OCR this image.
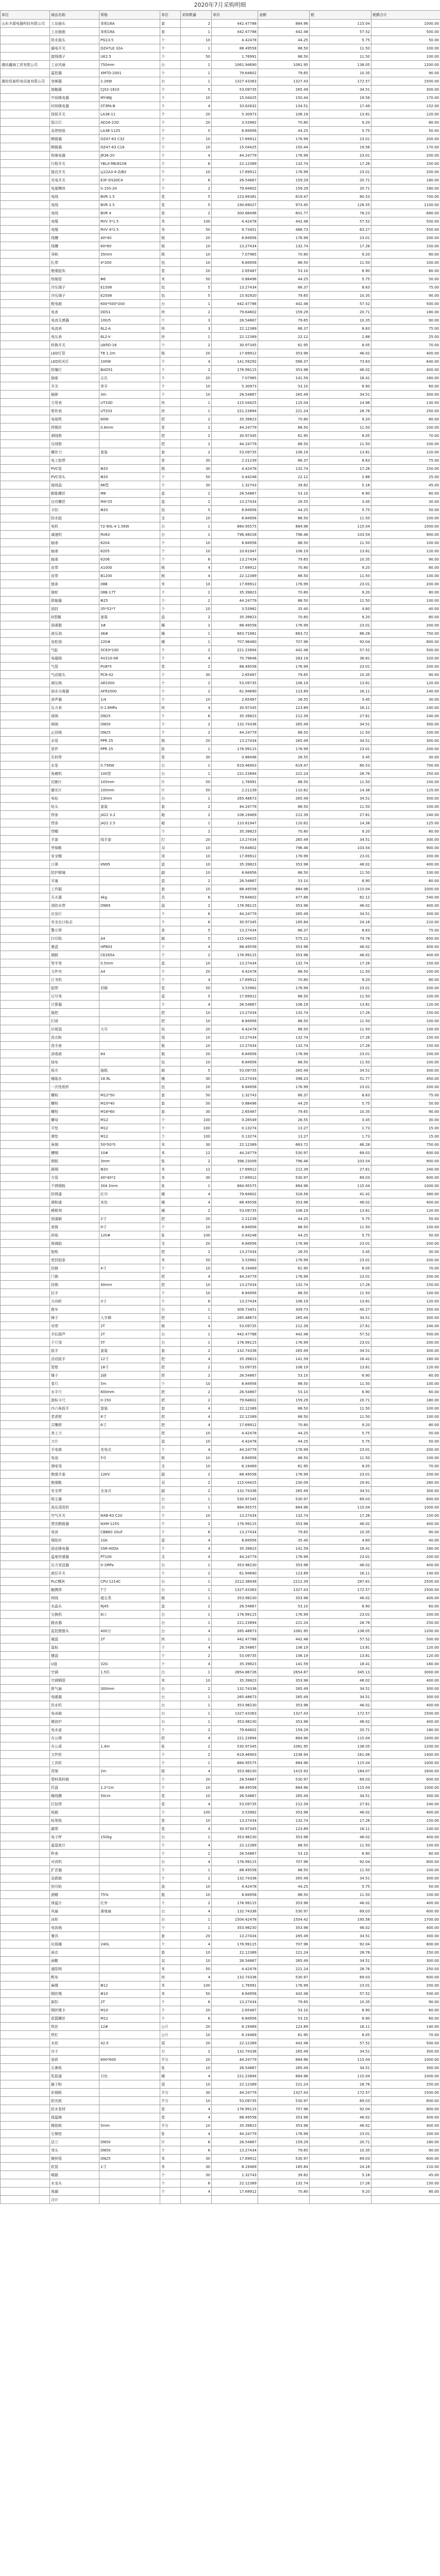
2020年7月采购明细
单位	商品名称	规格	单位	采购数量	单价	金额	税	税额合计
山东丰源电器科技有限公司	工业插头	单相16A	套	2	442.47788	884.96	115.04	1000.00
	工业插座	单相16A	套	1	442.47788	442.48	57.52	500.00
	防水接头	PG13.5	个	10	4.42478	44.25	5.75	50.00
	漏电开关	DZ47LE 32A	个	1	88.49558	88.50	11.50	100.00
	接线端子	UK2.5	个	50	1.76991	88.50	11.50	100.00
潍坊鑫海工贸有限公司	工业风扇	750mm	台	1	1061.94690	1061.95	138.05	1200.00
	温控器	XMTD-2001	个	1	79.64602	79.65	10.35	90.00
潍坊恒泰机电设备有限公司	变频器	2.2KW	台	1	1327.43363	1327.43	172.57	1500.00
	接触器	CJX2-1810	个	5	53.09735	265.49	34.51	300.00
	中间继电器	MY4NJ	个	10	15.04425	150.44	19.56	170.00
	时间继电器	ST3PA-B	个	4	33.62832	134.51	17.49	152.00
	按钮开关	LA38-11	个	20	5.30973	106.19	13.81	120.00
	指示灯	AD16-22D	个	20	3.53982	70.80	9.20	80.00
	急停按钮	LA38-11ZS	个	5	8.84956	44.25	5.75	50.00
	断路器	DZ47-63 C32	个	10	17.69912	176.99	23.01	200.00
	断路器	DZ47-63 C16	个	10	15.04425	150.44	19.56	170.00
	热继电器	JR36-20	个	4	44.24779	176.99	23.01	200.00
	行程开关	YBLX-ME/8108	个	6	22.12389	132.74	17.26	150.00
	接近开关	LJ12A3-4-Z/BX	个	10	17.69912	176.99	23.01	200.00
	光电开关	E3F-DS30C4	个	6	26.54867	159.29	20.71	180.00
	电源模块	S-150-24	个	2	79.64602	159.29	20.71	180.00
	电线	BVR 1.5	卷	5	123.89381	619.47	80.53	700.00
	电线	BVR 2.5	卷	5	194.69027	973.45	126.55	1100.00
	电线	BVR 4	卷	2	300.88496	601.77	78.23	680.00
	电缆	RVV 3*1.5	米	100	4.42478	442.48	57.52	500.00
	电缆	RVV 4*2.5	米	50	9.73451	486.73	63.27	550.00
	线槽	40*40	根	20	8.84956	176.99	23.01	200.00
	线槽	60*60	根	10	13.27434	132.74	17.26	150.00
	导轨	35mm	根	10	7.07965	70.80	9.20	80.00
	扎带	4*200	包	10	8.84956	88.50	11.50	100.00
	绝缘胶布		卷	20	2.65487	53.10	6.90	60.00
	热缩管	Φ6	米	50	0.88496	44.25	5.75	50.00
	冷压端子	E1508	包	5	13.27434	66.37	8.63	75.00
	冷压端子	E2508	包	5	15.92920	79.65	10.35	90.00
	配电箱	600*500*200	台	1	442.47788	442.48	57.52	500.00
	电表	DDS1	块	2	79.64602	159.29	20.71	180.00
	电流互感器	100/5	个	3	26.54867	79.65	10.35	90.00
	电流表	6L2-A	块	3	22.12389	66.37	8.63	75.00
	电压表	6L2-V	块	1	22.12389	22.12	2.88	25.00
	转换开关	LW5D-16	个	2	30.97345	61.95	8.05	70.00
	LED灯管	T8 1.2m	根	20	17.69912	353.98	46.02	400.00
	LED投光灯	100W	个	4	141.59292	566.37	73.63	640.00
	防爆灯	BAD51	个	2	176.99115	353.98	46.02	400.00
	插座	五孔	个	20	7.07965	141.59	18.41	160.00
	开关	单开	个	10	5.30973	53.10	6.90	60.00
	插排	3m	个	10	26.54867	265.49	34.51	300.00
	万用表	UT33D	块	1	115.04425	115.04	14.96	130.00
	钳形表	UT203	块	1	221.23894	221.24	28.76	250.00
	电烙铁	60W	把	2	35.39823	70.80	9.20	80.00
	焊锡丝	0.8mm	卷	2	44.24779	88.50	11.50	100.00
	剥线钳		把	2	30.97345	61.95	8.05	70.00
	压线钳		把	2	44.24779	88.50	11.50	100.00
	螺丝刀	套装	套	2	53.09735	106.19	13.81	120.00
	电工胶带		卷	30	2.21239	66.37	8.63	75.00
	PVC管	Φ20	根	30	4.42478	132.74	17.26	150.00
	PVC弯头	Φ20	个	50	0.44248	22.12	2.88	25.00
	接线盒	86型	个	30	1.32743	39.82	5.18	45.00
	膨胀螺丝	M8	盒	2	26.54867	53.10	6.90	60.00
	自攻螺丝	M4*25	盒	2	13.27434	26.55	3.45	30.00
	卡扣	Φ20	包	5	8.84956	44.25	5.75	50.00
	防水胶		支	10	8.84956	88.50	11.50	100.00
	电机	Y2-90L-4 1.5KW	台	1	884.95575	884.96	115.04	1000.00
	减速机	RV63	台	1	796.46018	796.46	103.54	900.00
	轴承	6204	个	10	8.84956	88.50	11.50	100.00
	轴承	6205	个	10	10.61947	106.19	13.81	120.00
	轴承	6206	个	6	13.27434	79.65	10.35	90.00
	皮带	A1000	根	4	17.69912	70.80	9.20	80.00
	皮带	B1200	根	4	22.12389	88.50	11.50	100.00
	链条	08B	米	10	17.69912	176.99	23.01	200.00
	链轮	08B-17T	个	2	35.39823	70.80	9.20	80.00
	联轴器	Φ25	个	2	44.24779	88.50	11.50	100.00
	油封	35*52*7	个	10	3.53982	35.40	4.60	40.00
	O型圈	套装	盒	2	35.39823	70.80	9.20	80.00
	润滑脂	3#	桶	2	88.49558	176.99	23.01	200.00
	液压油	46#	桶	1	663.71681	663.72	86.28	750.00
	齿轮油	220#	桶	1	707.96460	707.96	92.04	800.00
	气缸	SC63*100	个	2	221.23894	442.48	57.52	500.00
	电磁阀	4V210-08	个	4	70.79646	283.19	36.81	320.00
	气管	PU8*5	卷	2	88.49558	176.99	23.01	200.00
	气动接头	PC8-02	个	30	2.65487	79.65	10.35	90.00
	调压阀	AR2000	个	2	53.09735	106.19	13.81	120.00
	油水分离器	AFR2000	个	2	61.94690	123.89	16.11	140.00
	消声器	1/4	个	10	2.65487	26.55	3.45	30.00
	压力表	0-1.6MPa	块	4	30.97345	123.89	16.11	140.00
	球阀	DN25	个	6	35.39823	212.39	27.61	240.00
	闸阀	DN50	个	2	132.74336	265.49	34.51	300.00
	止回阀	DN25	个	2	44.24779	88.50	11.50	100.00
	水管	PPR 25	根	20	13.27434	265.49	34.51	300.00
	管件	PPR 25	批	1	176.99115	176.99	23.01	200.00
	生料带		卷	30	0.88496	26.55	3.45	30.00
	水泵	0.75KW	台	1	619.46903	619.47	80.53	700.00
	角磨机	100型	台	1	221.23894	221.24	28.76	250.00
	切割片	105mm	片	50	1.76991	88.50	11.50	100.00
	磨光片	100mm	片	50	2.21239	110.62	14.38	125.00
	电钻	13mm	台	1	265.48673	265.49	34.51	300.00
	钻头	套装	套	2	44.24779	88.50	11.50	100.00
	焊条	J422 3.2	箱	2	106.19469	212.39	27.61	240.00
	焊条	J422 2.5	箱	1	110.61947	110.62	14.38	125.00
	焊帽		个	2	35.39823	70.80	9.20	80.00
	手套	线手套	打	20	13.27434	265.49	34.51	300.00
	劳保鞋		双	10	79.64602	796.46	103.54	900.00
	安全帽		顶	10	17.69912	176.99	23.01	200.00
	口罩	KN95	盒	10	35.39823	353.98	46.02	400.00
	防护眼镜		副	10	8.84956	88.50	11.50	100.00
	耳塞		盒	2	26.54867	53.10	6.90	60.00
	工作服		套	10	88.49558	884.96	115.04	1000.00
	灭火器	4kg	具	6	79.64602	477.88	62.12	540.00
	消防水带	DN65	盘	2	176.99115	353.98	46.02	400.00
	应急灯		个	6	44.24779	265.49	34.51	300.00
	安全出口标志		个	6	30.97345	185.84	24.16	210.00
	警示带		卷	5	13.27434	66.37	8.63	75.00
	打印纸	A4	箱	5	115.04425	575.22	74.78	650.00
	墨盒	HP803	个	4	88.49558	353.98	46.02	400.00
	硒鼓	CE285A	个	2	176.99115	353.98	46.02	400.00
	签字笔	0.5mm	盒	10	13.27434	132.74	17.26	150.00
	文件夹	A4	个	20	4.42478	88.50	11.50	100.00
	订书机		个	4	17.69912	70.80	9.20	80.00
	胶带	封箱	卷	50	3.53982	176.99	23.01	200.00
	记号笔		盒	5	17.69912	88.50	11.50	100.00
	计算器		个	4	26.54867	106.19	13.81	120.00
	拖把		把	10	13.27434	132.74	17.26	150.00
	扫帚		把	10	8.84956	88.50	11.50	100.00
	垃圾袋	大号	包	20	4.42478	88.50	11.50	100.00
	洗衣粉		袋	10	13.27434	132.74	17.26	150.00
	洗手液		瓶	10	13.27434	132.74	17.26	150.00
	消毒液	84	瓶	20	8.84956	176.99	23.01	200.00
	抹布		包	10	8.84956	88.50	11.50	100.00
	纸巾	抽纸	箱	5	53.09735	265.49	34.51	300.00
	桶装水	18.9L	桶	30	13.27434	398.23	51.77	450.00
	一次性纸杯		包	20	8.84956	176.99	23.01	200.00
	螺栓	M12*50	套	50	1.32743	66.37	8.63	75.00
	螺栓	M10*40	套	50	0.88496	44.25	5.75	50.00
	螺栓	M16*60	套	30	2.65487	79.65	10.35	90.00
	螺母	M12	个	100	0.26549	26.55	3.45	30.00
	平垫	M12	个	100	0.13274	13.27	1.73	15.00
	弹垫	M12	个	100	0.13274	13.27	1.73	15.00
	角钢	50*50*5	米	30	22.12389	663.72	86.28	750.00
	槽钢	10#	米	12	44.24779	530.97	69.03	600.00
	钢板	3mm	张	2	398.23009	796.46	103.54	900.00
	圆钢	Φ20	米	12	17.69912	212.39	27.61	240.00
	方管	40*40*2	米	30	17.69912	530.97	69.03	600.00
	不锈钢板	304 2mm	张	1	884.95575	884.96	115.04	1000.00
	防锈漆	红丹	桶	4	79.64602	318.58	41.42	360.00
	调和漆	灰色	桶	4	88.49558	353.98	46.02	400.00
	稀释剂		桶	2	53.09735	106.19	13.81	120.00
	油漆刷	2寸	把	20	2.21239	44.25	5.75	50.00
	滚筒	9寸	个	10	8.84956	88.50	11.50	100.00
	砂纸	120#	张	100	0.44248	44.25	5.75	50.00
	玻璃胶		支	20	8.84956	176.99	23.01	200.00
	胶枪		把	2	13.27434	26.55	3.45	30.00
	密封胶条		米	50	3.53982	176.99	23.01	200.00
	铰链	4寸	个	10	6.19469	61.95	8.05	70.00
	门锁		把	4	44.24779	176.99	23.01	200.00
	挂锁	40mm	把	10	13.27434	132.74	17.26	150.00
	拉手		个	10	8.84956	88.50	11.50	100.00
	万向轮	3寸	个	8	13.27434	106.19	13.81	120.00
	推车		台	1	309.73451	309.73	40.27	350.00
	梯子	人字梯	把	1	265.48673	265.49	34.51	300.00
	吊带	2T	根	4	53.09735	212.39	27.61	240.00
	手拉葫芦	2T	台	1	442.47788	442.48	57.52	500.00
	千斤顶	5T	台	1	176.99115	176.99	23.01	200.00
	扳手	套装	套	2	132.74336	265.49	34.51	300.00
	活动扳手	12寸	把	4	35.39823	141.59	18.41	160.00
	管钳	18寸	把	2	53.09735	106.19	13.81	120.00
	锤子	2磅	把	2	26.54867	53.10	6.90	60.00
	卷尺	5m	个	10	8.84956	88.50	11.50	100.00
	水平尺	600mm	把	2	26.54867	53.10	6.90	60.00
	游标卡尺	0-150	把	2	79.64602	159.29	20.71	180.00
	内六角扳手	套装	套	4	22.12389	88.50	11.50	100.00
	老虎钳	8寸	把	4	22.12389	88.50	11.50	100.00
	尖嘴钳	6寸	把	4	17.69912	70.80	9.20	80.00
	美工刀		把	10	4.42478	44.25	5.75	50.00
	刀片		盒	10	4.42478	44.25	5.75	50.00
	手电筒	充电式	个	4	44.24779	176.99	23.01	200.00
	电池	5号	板	10	8.84956	88.50	11.50	100.00
	测电笔		支	10	6.19469	61.95	8.05	70.00
	绝缘手套	12KV	副	2	88.49558	176.99	23.01	200.00
	绝缘鞋		双	2	115.04425	230.09	29.91	260.00
	安全带	全身式	副	2	132.74336	265.49	34.51	300.00
	吸尘器		台	1	530.97345	530.97	69.03	600.00
	高压清洗机		台	1	884.95575	884.96	115.04	1000.00
	空气开关	NXB-63 C20	个	10	13.27434	132.74	17.26	150.00
	塑壳断路器	NXM-125S	个	2	176.99115	353.98	46.02	400.00
	电容	CBB60 20uF	个	6	13.27434	79.65	10.35	90.00
	保险丝	10A	盒	4	8.84956	35.40	4.60	40.00
	固态继电器	SSR-40DA	个	4	35.39823	141.59	18.41	160.00
	温度传感器	PT100	支	4	44.24779	176.99	23.01	200.00
	压力变送器	0-1MPa	台	1	353.98230	353.98	46.02	400.00
	液位开关		个	2	61.94690	123.89	16.11	140.00
	PLC模块	CPU 1214C	台	1	2212.38938	2212.39	287.61	2500.00
	触摸屏	7寸	台	1	1327.43363	1327.43	172.57	1500.00
	网线	超五类	箱	1	353.98230	353.98	46.02	400.00
	水晶头	RJ45	盒	2	26.54867	53.10	6.90	60.00
	交换机	8口	台	1	176.99115	176.99	23.01	200.00
	路由器		台	1	221.23894	221.24	28.76	250.00
	监控摄像头	400万	台	4	265.48673	1061.95	138.05	1200.00
	硬盘	2T	块	1	442.47788	442.48	57.52	500.00
	鼠标		个	4	26.54867	106.19	13.81	120.00
	键盘		个	2	53.09735	106.19	13.81	120.00
	U盘	32G	个	4	35.39823	141.59	18.41	160.00
	空调	1.5匹	台	1	2654.86726	2654.87	345.13	3000.00
	空调铜管		米	10	35.39823	353.98	46.02	400.00
	排气扇	300mm	台	2	132.74336	265.49	34.51	300.00
	电暖器		台	1	265.48673	265.49	34.51	300.00
	饮水机		台	1	353.98230	353.98	46.02	400.00
	电冰箱		台	1	1327.43363	1327.43	172.57	1500.00
	微波炉		台	1	353.98230	353.98	46.02	400.00
	电水壶		个	2	79.64602	159.29	20.71	180.00
	办公椅		把	4	221.23894	884.96	115.04	1000.00
	办公桌	1.4m	张	2	530.97345	1061.95	138.05	1200.00
	文件柜		个	2	619.46903	1238.94	161.06	1400.00
	工具柜		个	1	884.95575	884.96	115.04	1000.00
	货架	2m	组	4	353.98230	1415.93	184.07	1600.00
	塑料周转箱		个	20	26.54867	530.97	69.03	600.00
	托盘	1.2*1m	个	10	88.49558	884.96	115.04	1000.00
	缠绕膜	50cm	卷	10	26.54867	265.49	34.51	300.00
	打包带		卷	4	53.09735	212.39	27.61	240.00
	纸箱		个	100	3.53982	353.98	46.02	400.00
	标签纸		卷	10	13.27434	132.74	17.26	150.00
	碳带		卷	4	30.97345	123.89	16.11	140.00
	电子秤	150kg	台	1	353.98230	353.98	46.02	400.00
	温湿度计		个	4	22.12389	88.50	11.50	100.00
	秒表		个	2	26.54867	53.10	6.90	60.00
	对讲机		台	4	176.99115	707.96	92.04	800.00
	扩音器		个	1	88.49558	88.50	11.50	100.00
	急救箱		个	2	132.74336	265.49	34.51	300.00
	创可贴		盒	10	4.42478	44.25	5.75	50.00
	酒精	75%	瓶	10	8.84956	88.50	11.50	100.00
	体温计	红外	个	2	176.99115	353.98	46.02	400.00
	风扇	落地扇	台	4	132.74336	530.97	69.03	600.00
	冰柜		台	1	1504.42478	1504.42	195.58	1700.00
	电饭锅		个	1	353.98230	353.98	46.02	400.00
	餐具		套	20	13.27434	265.49	34.51	300.00
	垃圾桶	240L	个	4	176.99115	707.96	92.04	800.00
	雨衣		套	10	22.12389	221.24	28.76	250.00
	雨靴		双	10	26.54867	265.49	34.51	300.00
	遮阳网		米	50	4.42478	221.24	28.76	250.00
	帆布		块	4	132.74336	530.97	69.03	600.00
	麻绳	Φ12	米	100	1.76991	176.99	23.01	200.00
	钢丝绳	Φ10	米	50	8.84956	442.48	57.52	500.00
	卸扣	2T	个	6	13.27434	79.65	10.35	90.00
	钢丝绳卡	M10	个	20	2.65487	53.10	6.90	60.00
	花篮螺丝	M12	个	6	8.84956	53.10	6.90	60.00
	铁丝	12#	公斤	20	6.19469	123.89	16.11	140.00
	铁钉		公斤	10	6.19469	61.95	8.05	70.00
	水泥	42.5	袋	20	22.12389	442.48	57.52	500.00
	沙子		方	2	132.74336	265.49	34.51	300.00
	瓷砖	600*600	平方	20	44.24779	884.96	115.04	1000.00
	石膏板		张	10	26.54867	265.49	34.51	300.00
	乳胶漆	白色	桶	4	221.23894	884.96	115.04	1000.00
	腻子粉		袋	10	22.12389	221.24	28.76	250.00
	彩钢板		平方	30	44.24779	1327.43	172.57	1500.00
	阳光板		平方	10	53.09735	530.97	69.03	600.00
	防水卷材		卷	4	176.99115	707.96	92.04	800.00
	保温棉		卷	4	88.49558	353.98	46.02	400.00
	橡胶板	5mm	平方	10	35.39823	353.98	46.02	400.00
	石棉垫		张	4	44.24779	176.99	23.01	200.00
	法兰	DN50	片	6	26.54867	159.29	20.71	180.00
	弯头	DN50	个	6	13.27434	79.65	10.35	90.00
	镀锌管	DN25	米	30	17.69912	530.97	69.03	600.00
	软管	1寸	米	30	6.19469	185.84	24.16	210.00
	喉箍		个	30	1.32743	39.82	5.18	45.00
	水龙头		个	6	22.12389	132.74	17.26	150.00
	地漏		个	4	17.69912	70.80	9.20	80.00
	合计							
